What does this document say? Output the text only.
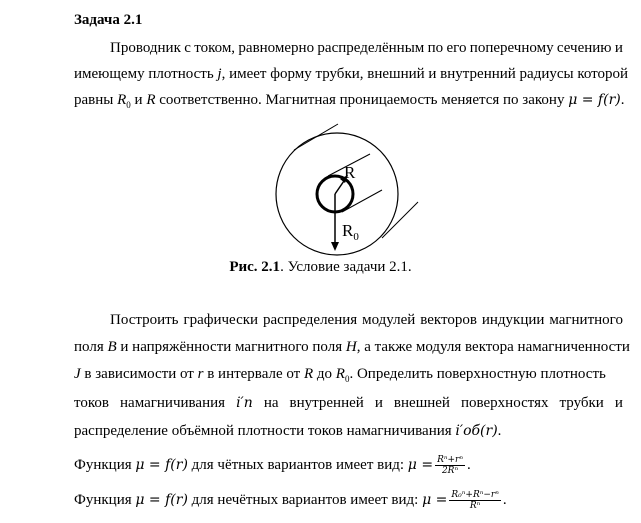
Задача 2.1
Проводник с током, равномерно распределённым по его поперечному сечению и
имеющему плотность j, имеет форму трубки, внешний и внутренний радиусы которой
равны $R_0$ и R соответственно. Магнитная проницаемость меняется по закону μ = f(r).
R
$R_0$
Рис. 2.1. Условие задачи 2.1.
Построить графически распределения модулей векторов индукции магнитного
поля B и напряжённости магнитного поля H, а также модуля вектора намагниченности
J в зависимости от r в интервале от R до $R_0$. Определить поверхностную плотность
токов намагничивания i′п на внутренней и внешней поверхностях трубки и
распределение объёмной плотности токов намагничивания i′об(r).
Функция μ = f(r) для чётных вариантов имеет вид: $\mu = \frac{\text{Rⁿ+rⁿ}}{\text{2Rⁿ}}$ .
Функция μ = f(r) для нечётных вариантов имеет вид: $\mu = \frac{\text{R₀ⁿ+Rⁿ−rⁿ}}{\text{Rⁿ}}$ .
